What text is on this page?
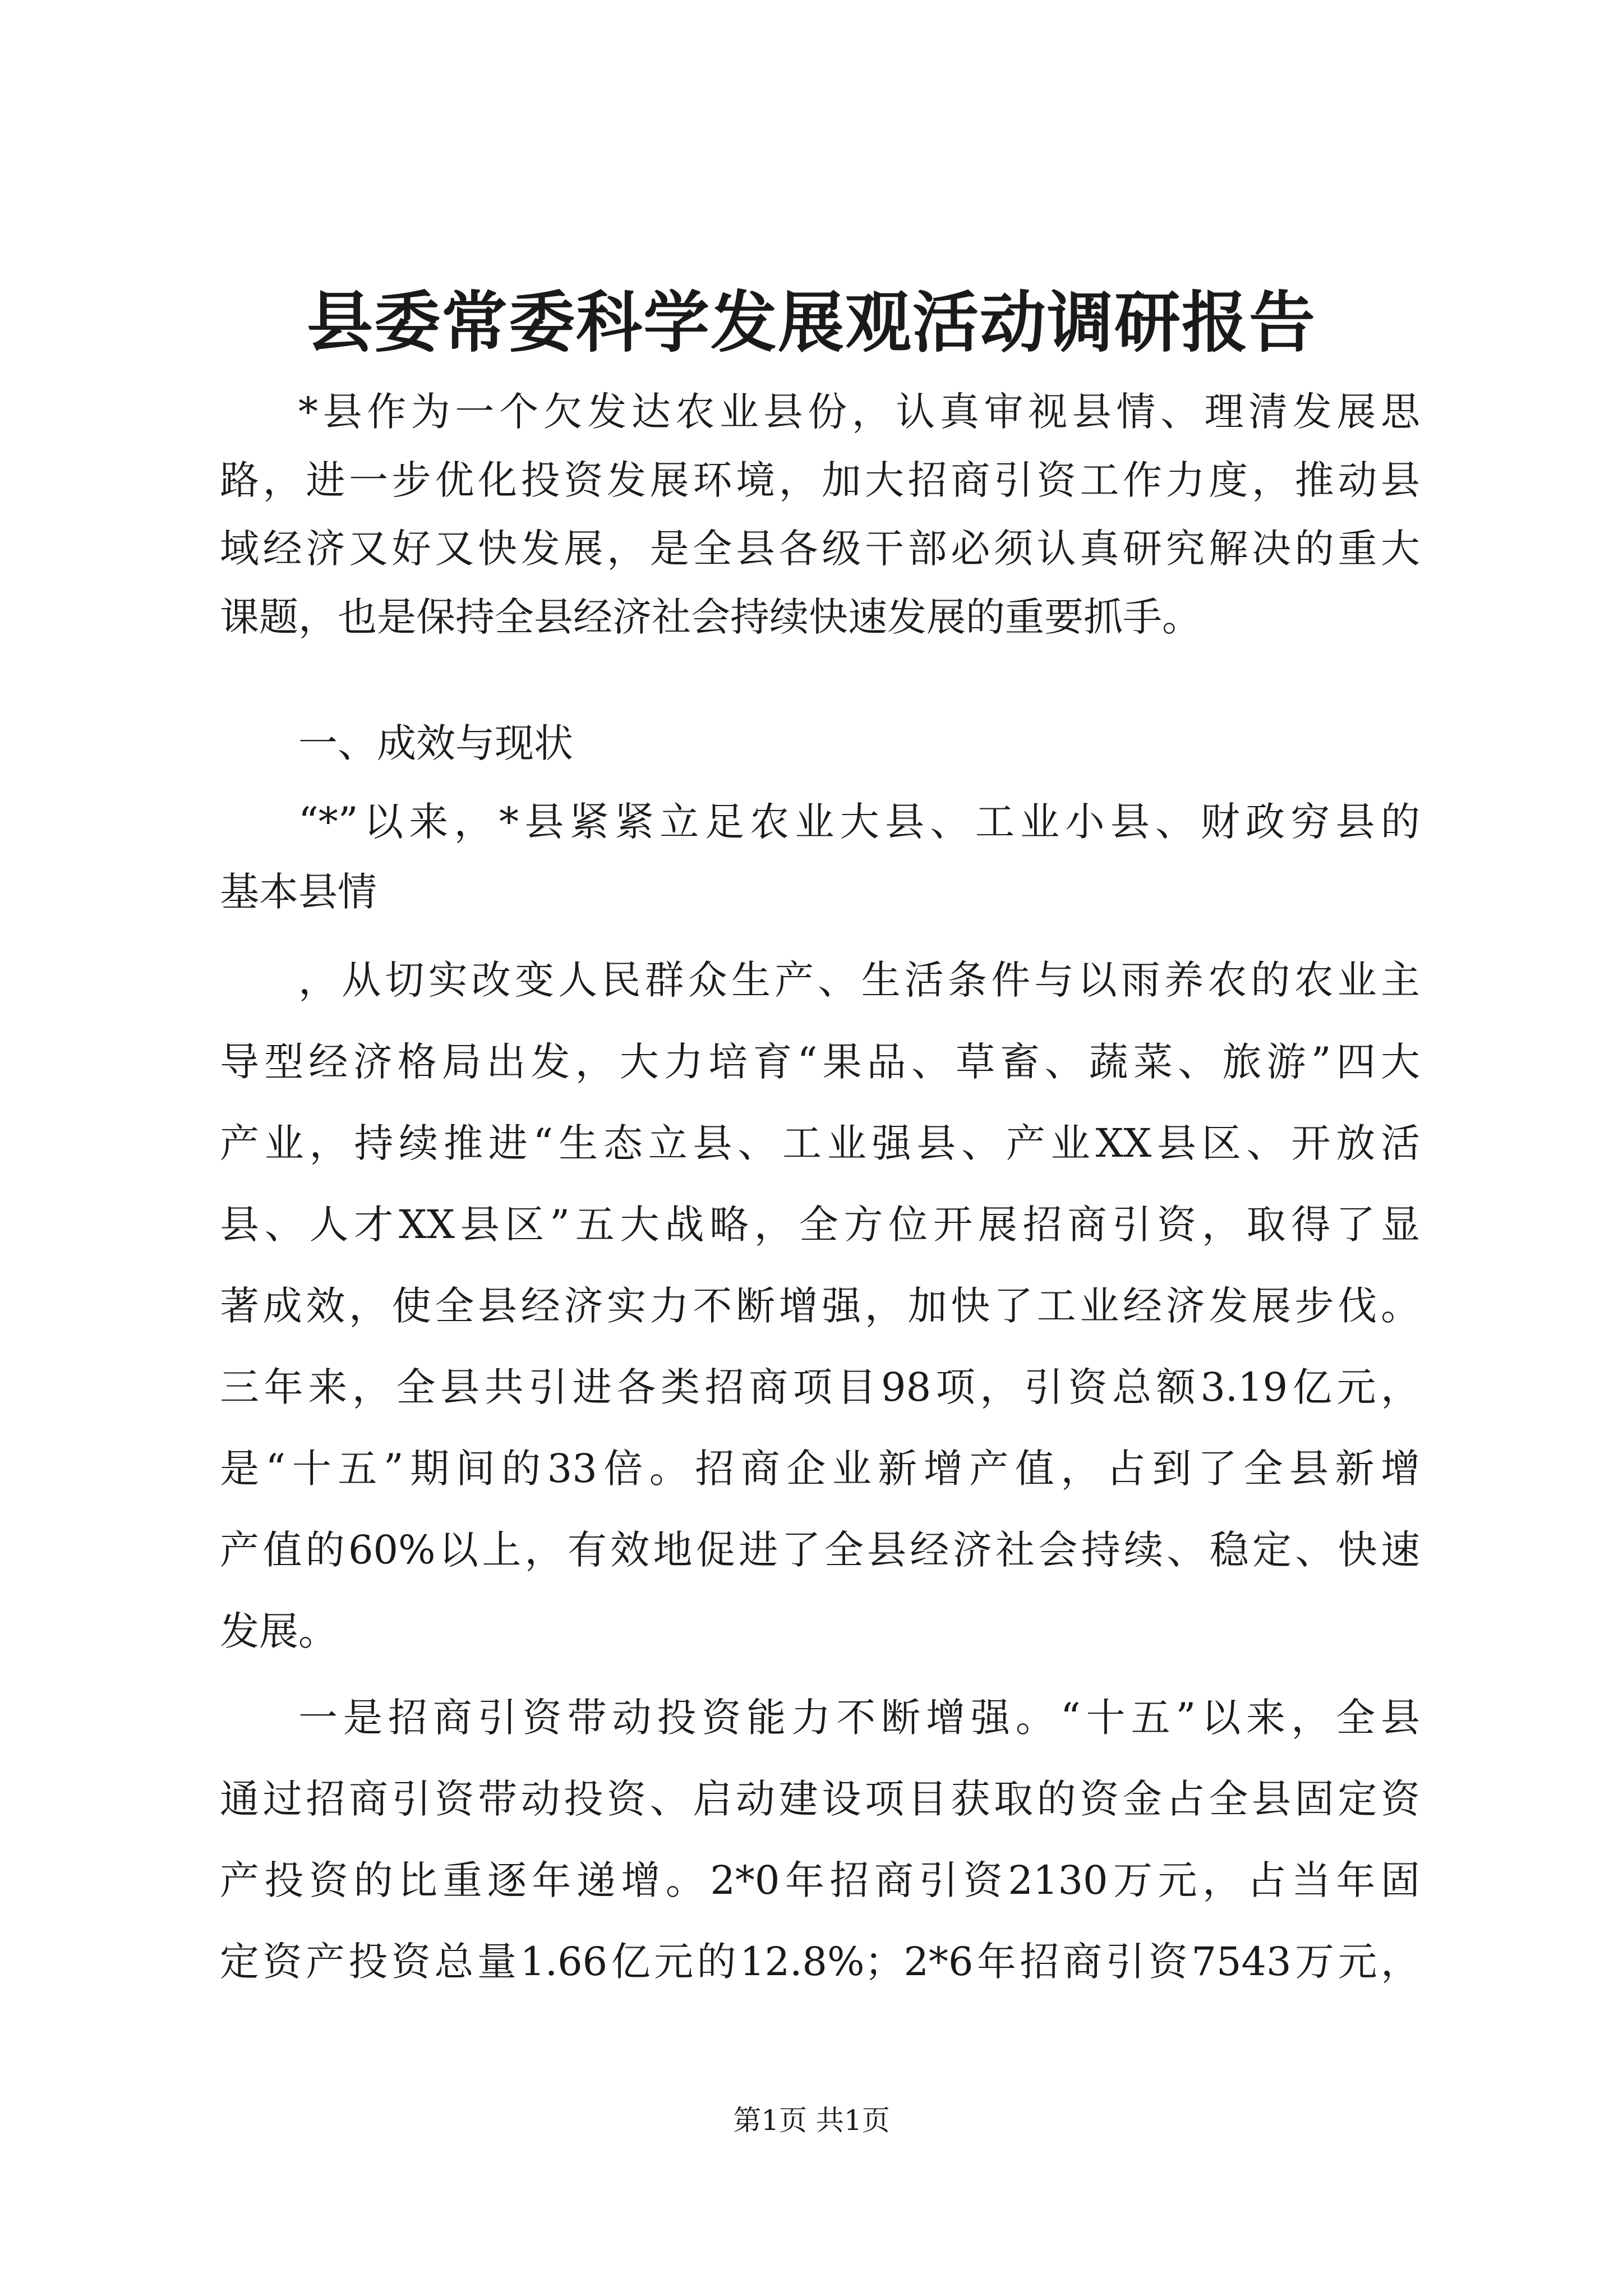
县委常委科学发展观活动调研报告

*县作为一个欠发达农业县份，认真审视县情、理清发展思

路，进一步优化投资发展环境，加大招商引资工作力度，推动县

域经济又好又快发展，是全县各级干部必须认真研究解决的重大

课题，也是保持全县经济社会持续快速发展的重要抓手。

一、成效与现状

“*”以来，*县紧紧立足农业大县、工业小县、财政穷县的

基本县情

，从切实改变人民群众生产、生活条件与以雨养农的农业主

导型经济格局出发，大力培育“果品、草畜、蔬菜、旅游”四大

产业，持续推进“生态立县、工业强县、产业XX县区、开放活

县、人才XX县区”五大战略，全方位开展招商引资，取得了显

著成效，使全县经济实力不断增强，加快了工业经济发展步伐。

三年来，全县共引进各类招商项目98项，引资总额3.19亿元，

是“十五”期间的33倍。招商企业新增产值，占到了全县新增

产值的60%以上，有效地促进了全县经济社会持续、稳定、快速

发展。

一是招商引资带动投资能力不断增强。“十五”以来，全县

通过招商引资带动投资、启动建设项目获取的资金占全县固定资

产投资的比重逐年递增。2*0年招商引资2130万元，占当年固

定资产投资总量1.66亿元的12.8%；2*6年招商引资7543万元，

第1页 共1页
